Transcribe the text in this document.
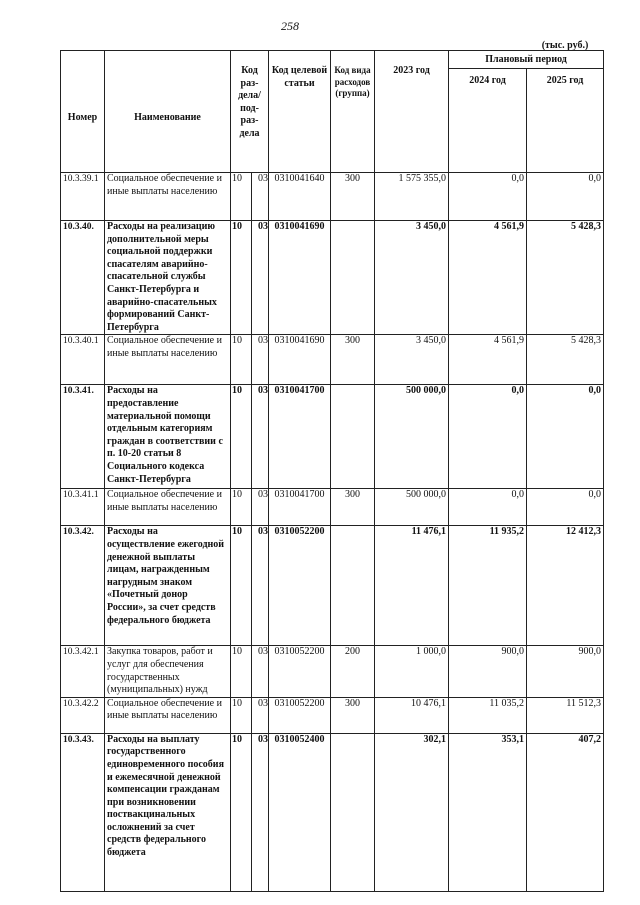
258
(тыс. руб.)
Номер	Наименование	Код раз-дела/ под-раз-дела		Код целевой статьи	Код вида расходов (группа)	2023 год	Плановый период	
							2024 год	2025 год
10.3.39.1	Социальное обеспечение и иные выплаты населению	10	03	0310041640	300	1 575 355,0	0,0	0,0
10.3.40.	Расходы на реализацию дополнительной меры социальной поддержки спасателям аварийно-спасательной службы Санкт-Петербурга и аварийно-спасательных формирований Санкт-Петербурга	10	03	0310041690		3 450,0	4 561,9	5 428,3
10.3.40.1	Социальное обеспечение и иные выплаты населению	10	03	0310041690	300	3 450,0	4 561,9	5 428,3
10.3.41.	Расходы на предоставление материальной помощи отдельным категориям граждан в соответствии с п. 10-20 статьи 8 Социального кодекса Санкт-Петербурга	10	03	0310041700		500 000,0	0,0	0,0
10.3.41.1	Социальное обеспечение и иные выплаты населению	10	03	0310041700	300	500 000,0	0,0	0,0
10.3.42.	Расходы на осуществление ежегодной денежной выплаты лицам, награжденным нагрудным знаком «Почетный донор России», за счет средств федерального бюджета	10	03	0310052200		11 476,1	11 935,2	12 412,3
10.3.42.1	Закупка товаров, работ и услуг для обеспечения государственных (муниципальных) нужд	10	03	0310052200	200	1 000,0	900,0	900,0
10.3.42.2	Социальное обеспечение и иные выплаты населению	10	03	0310052200	300	10 476,1	11 035,2	11 512,3
10.3.43.	Расходы на выплату государственного единовременного пособия и ежемесячной денежной компенсации гражданам при возникновении поствакцинальных осложнений за счет средств федерального бюджета	10	03	0310052400		302,1	353,1	407,2
